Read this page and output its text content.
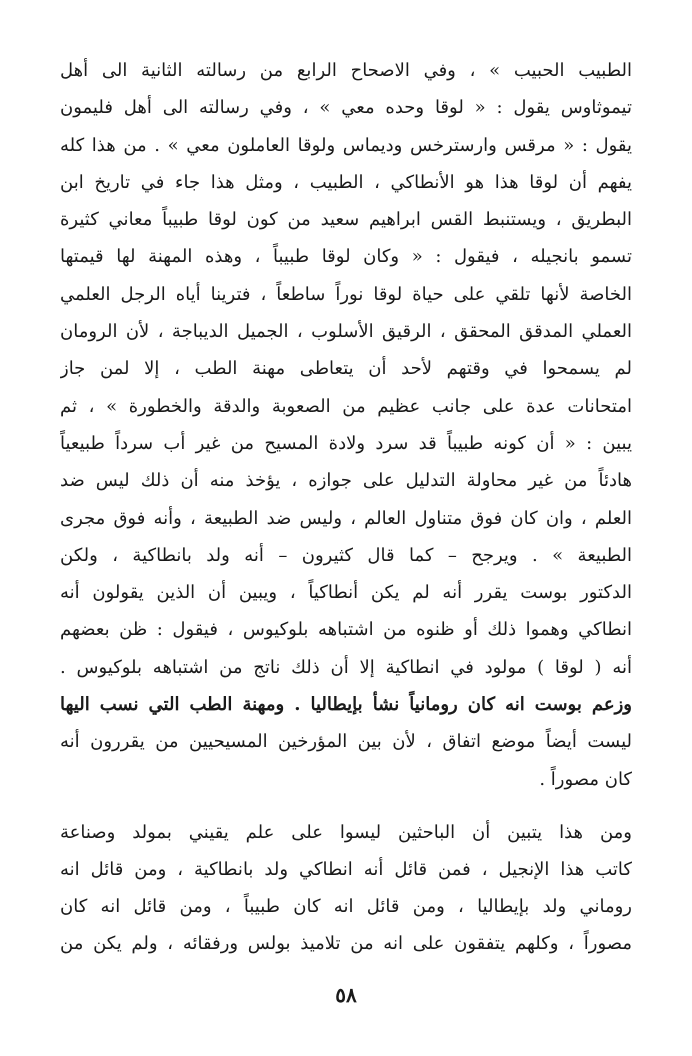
الطبيب الحبيب » ، وفي الاصحاح الرابع من رسالته الثانية الى أهل
تيموثاوس يقول : « لوقا وحده معي » ، وفي رسالته الى أهل فليمون
يقول : « مرقس وارسترخس وديماس ولوقا العاملون معي » . من هذا كله
يفهم أن لوقا هذا هو الأنطاكي ، الطبيب ، ومثل هذا جاء في تاريخ ابن
البطريق ، ويستنبط القس ابراهيم سعيد من كون لوقا طبيباً معاني كثيرة
تسمو بانجيله ، فيقول : « وكان لوقا طبيباً ، وهذه المهنة لها قيمتها
الخاصة لأنها تلقي على حياة لوقا نوراً ساطعاً ، فترينا أياه الرجل العلمي
العملي المدقق المحقق ، الرقيق الأسلوب ، الجميل الديباجة ، لأن الرومان
لم يسمحوا في وقتهم لأحد أن يتعاطى مهنة الطب ، إلا لمن جاز
امتحانات عدة على جانب عظيم من الصعوبة والدقة والخطورة » ، ثم
يبين : « أن كونه طبيباً قد سرد ولادة المسيح من غير أب سرداً طبيعياً
هادئاً من غير محاولة التدليل على جوازه ، يؤخذ منه أن ذلك ليس ضد
العلم ، وان كان فوق متناول العالم ، وليس ضد الطبيعة ، وأنه فوق مجرى
الطبيعة » . ويرجح – كما قال كثيرون – أنه ولد بانطاكية ، ولكن
الدكتور بوست يقرر أنه لم يكن أنطاكياً ، ويبين أن الذين يقولون أنه
انطاكي وهموا ذلك أو ظنوه من اشتباهه بلوكيوس ، فيقول : ظن بعضهم
أنه ( لوقا ) مولود في انطاكية إلا أن ذلك ناتج من اشتباهه بلوكيوس .
وزعم بوست انه كان رومانياً نشأ بإيطاليا . ومهنة الطب التي نسب اليها
ليست أيضاً موضع اتفاق ، لأن بين المؤرخين المسيحيين من يقررون أنه
كان مصوراً .
ومن هذا يتبين أن الباحثين ليسوا على علم يقيني بمولد وصناعة
كاتب هذا الإنجيل ، فمن قائل أنه انطاكي ولد بانطاكية ، ومن قائل انه
روماني ولد بإيطاليا ، ومن قائل انه كان طبيباً ، ومن قائل انه كان
مصوراً ، وكلهم يتفقون على انه من تلاميذ بولس ورفقائه ، ولم يكن من
٥٨
